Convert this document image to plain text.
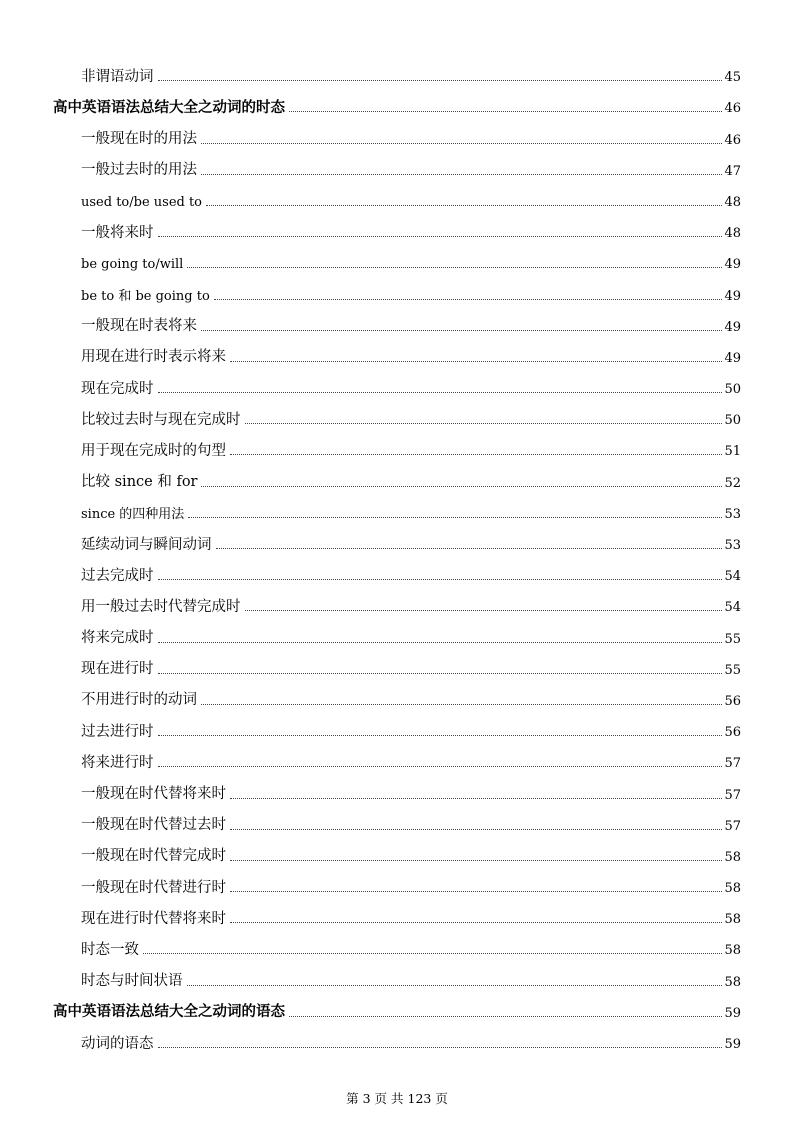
非谓语动词	45
高中英语语法总结大全之动词的时态	46
一般现在时的用法	46
一般过去时的用法	47
used to/be used to	48
一般将来时	48
be going to/will	49
be to 和 be going to	49
一般现在时表将来	49
用现在进行时表示将来	49
现在完成时	50
比较过去时与现在完成时	50
用于现在完成时的句型	51
比较 since 和 for	52
since 的四种用法	53
延续动词与瞬间动词	53
过去完成时	54
用一般过去时代替完成时	54
将来完成时	55
现在进行时	55
不用进行时的动词	56
过去进行时	56
将来进行时	57
一般现在时代替将来时	57
一般现在时代替过去时	57
一般现在时代替完成时	58
一般现在时代替进行时	58
现在进行时代替将来时	58
时态一致	58
时态与时间状语	58
高中英语语法总结大全之动词的语态	59
动词的语态	59
第 3 页 共 123 页
